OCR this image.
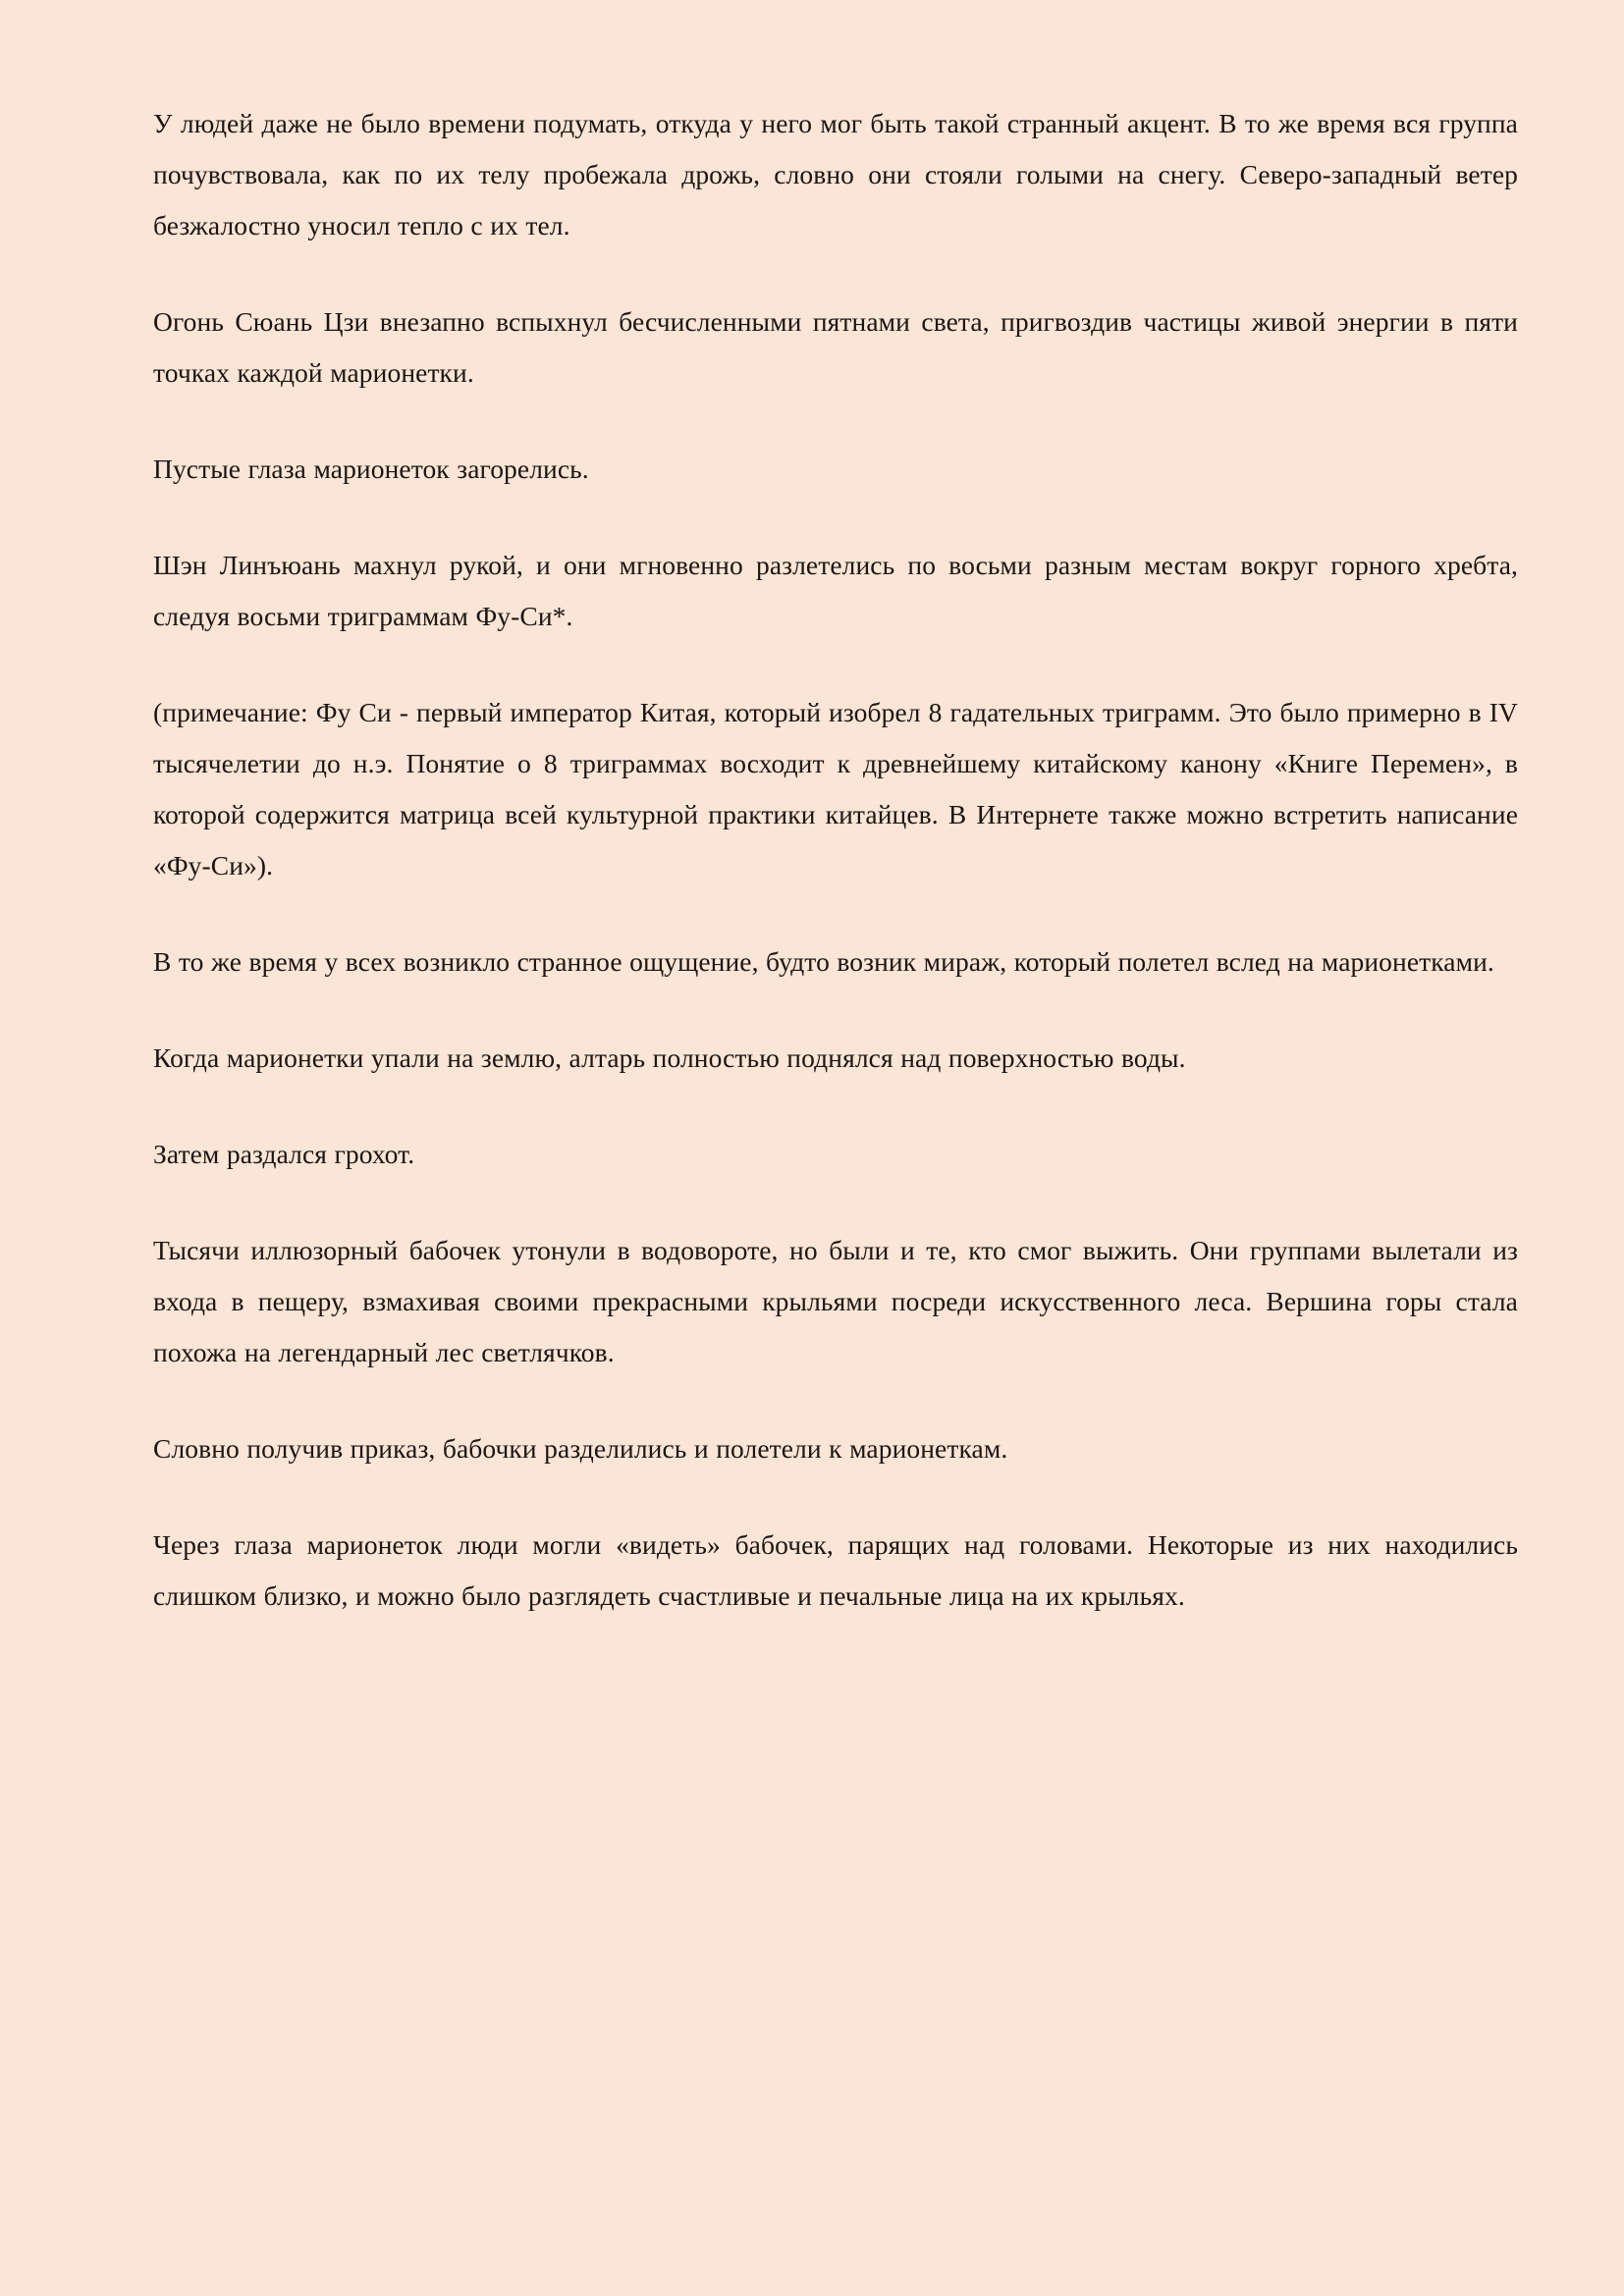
У людей даже не было времени подумать, откуда у него мог быть такой странный акцент. В то же время вся группа почувствовала, как по их телу пробежала дрожь, словно они стояли голыми на снегу. Северо-западный ветер безжалостно уносил тепло с их тел.

Огонь Сюань Цзи внезапно вспыхнул бесчисленными пятнами света, пригвоздив частицы живой энергии в пяти точках каждой марионетки.

Пустые глаза марионеток загорелись.

Шэн Линъюань махнул рукой, и они мгновенно разлетелись по восьми разным местам вокруг горного хребта, следуя восьми триграммам Фу-Си*.

(примечание: Фу Си - первый император Китая, который изобрел 8 гадательных триграмм. Это было примерно в IV тысячелетии до н.э. Понятие о 8 триграммах восходит к древнейшему китайскому канону «Книге Перемен», в которой содержится матрица всей культурной практики китайцев. В Интернете также можно встретить написание «Фу-Си»).

В то же время у всех возникло странное ощущение, будто возник мираж, который полетел вслед на марионетками.

Когда марионетки упали на землю, алтарь полностью поднялся над поверхностью воды.

Затем раздался грохот.

Тысячи иллюзорный бабочек утонули в водовороте, но были и те, кто смог выжить. Они группами вылетали из входа в пещеру, взмахивая своими прекрасными крыльями посреди искусственного леса. Вершина горы стала похожа на легендарный лес светлячков.

Словно получив приказ, бабочки разделились и полетели к марионеткам.

Через глаза марионеток люди могли «видеть» бабочек, парящих над головами. Некоторые из них находились слишком близко, и можно было разглядеть счастливые и печальные лица на их крыльях.
